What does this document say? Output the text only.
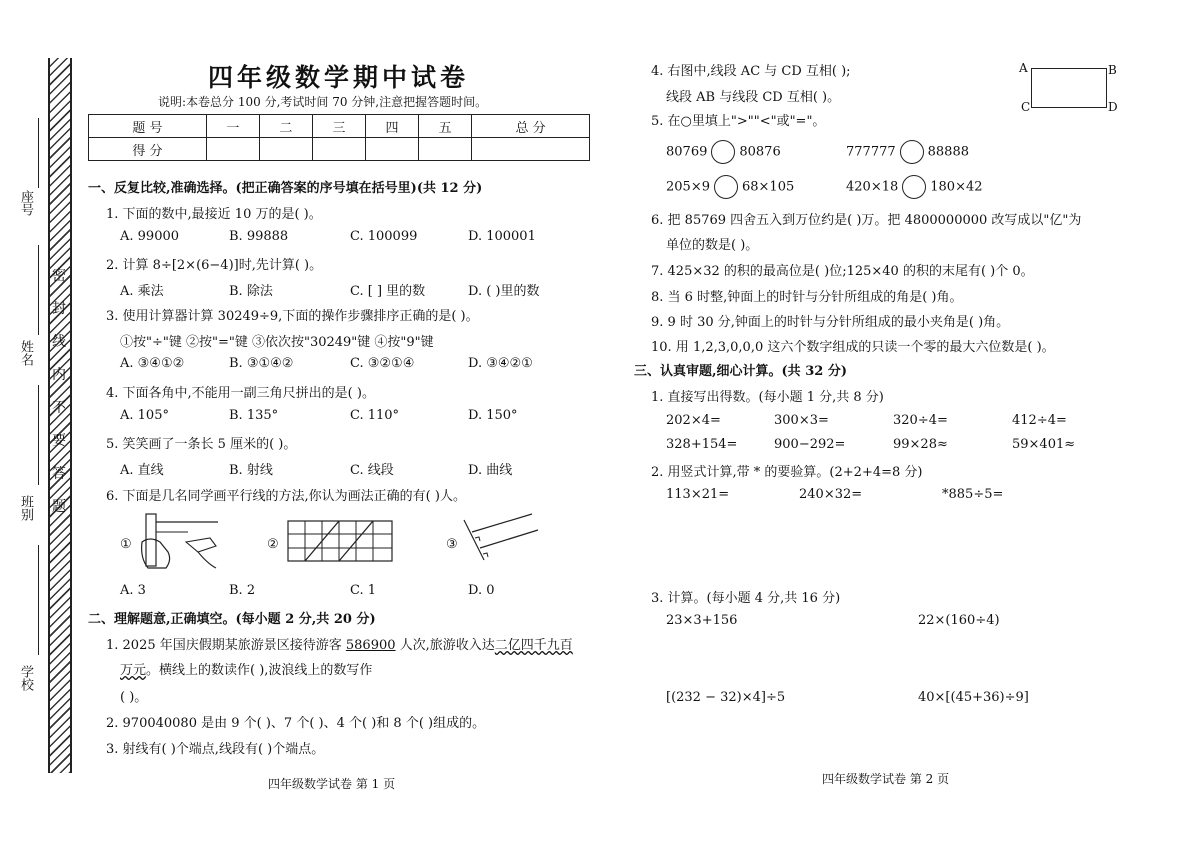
密
封
线
内
不
要
答
题
座号
姓名
班别
学校
四年级数学期中试卷
说明:本卷总分 100 分,考试时间 70 分钟,注意把握答题时间。
题 号	一	二	三	四	五	总 分
得 分						
一、反复比较,准确选择。(把正确答案的序号填在括号里)(共 12 分)
1. 下面的数中,最接近 10 万的是( )。
A. 99000	B. 99888	C. 100099	D. 100001
2. 计算 8÷[2×(6−4)]时,先计算( )。
A. 乘法	B. 除法	C. [ ] 里的数	D. ( )里的数
3. 使用计算器计算 30249÷9,下面的操作步骤排序正确的是( )。
①按"÷"键 ②按"="键 ③依次按"30249"键 ④按"9"键
A. ③④①②	B. ③①④②	C. ③②①④	D. ③④②①
4. 下面各角中,不能用一副三角尺拼出的是( )。
A. 105°	B. 135°	C. 110°	D. 150°
5. 笑笑画了一条长 5 厘米的( )。
A. 直线	B. 射线	C. 线段	D. 曲线
6. 下面是几名同学画平行线的方法,你认为画法正确的有( )人。
①	②	③
A. 3	B. 2	C. 1	D. 0
二、理解题意,正确填空。(每小题 2 分,共 20 分)
1. 2025 年国庆假期某旅游景区接待游客 586900 人次,旅游收入达二亿四千九百
万元。横线上的数读作( ),波浪线上的数写作
( )。
2. 970040080 是由 9 个( )、7 个( )、4 个( )和 8 个( )组成的。
3. 射线有( )个端点,线段有( )个端点。
四年级数学试卷 第 1 页
4. 右图中,线段 AC 与 CD 互相( );
线段 AB 与线段 CD 互相( )。
A	B
C	D
5. 在○里填上">""<"或"="。
80769 80876	777777 88888
205×9 68×105	420×18 180×42
6. 把 85769 四舍五入到万位约是( )万。把 4800000000 改写成以"亿"为
单位的数是( )。
7. 425×32 的积的最高位是( )位;125×40 的积的末尾有( )个 0。
8. 当 6 时整,钟面上的时针与分针所组成的角是( )角。
9. 9 时 30 分,钟面上的时针与分针所组成的最小夹角是( )角。
10. 用 1,2,3,0,0,0 这六个数字组成的只读一个零的最大六位数是( )。
三、认真审题,细心计算。(共 32 分)
1. 直接写出得数。(每小题 1 分,共 8 分)
202×4=	300×3=	320÷4=	412÷4=
328+154=	900−292=	99×28≈	59×401≈
2. 用竖式计算,带 * 的要验算。(2+2+4=8 分)
113×21=	240×32=	*885÷5=
3. 计算。(每小题 4 分,共 16 分)
23×3+156	22×(160÷4)
[(232 − 32)×4]÷5	40×[(45+36)÷9]
四年级数学试卷 第 2 页
